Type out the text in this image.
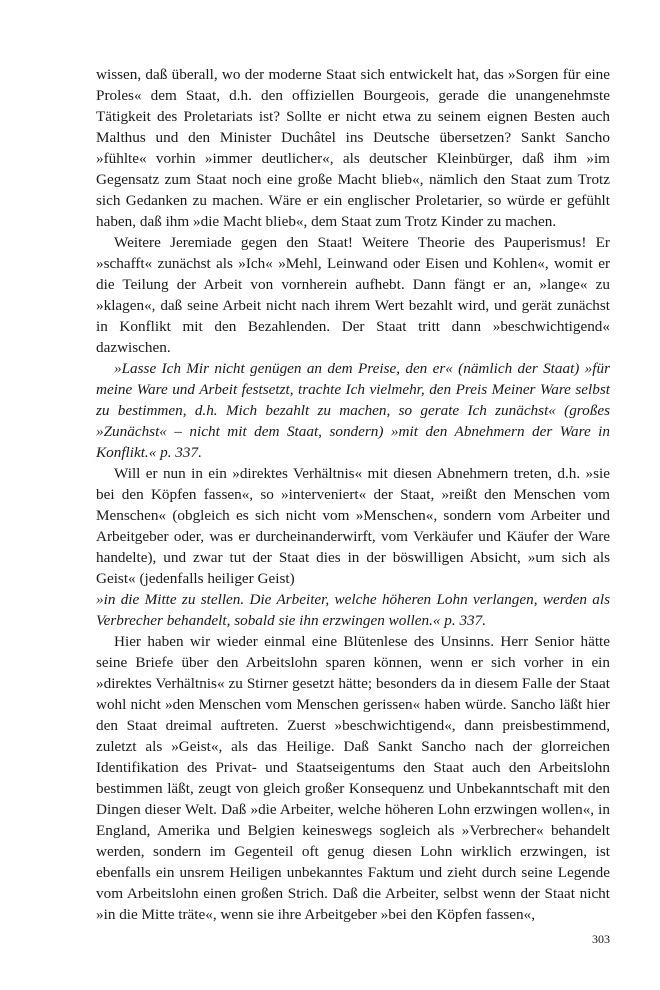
wissen, daß überall, wo der moderne Staat sich entwickelt hat, das »Sorgen für eine Proles« dem Staat, d.h. den offiziellen Bourgeois, gerade die unangenehmste Tätigkeit des Proletariats ist? Sollte er nicht etwa zu seinem eignen Besten auch Malthus und den Minister Duchâtel ins Deutsche übersetzen? Sankt Sancho »fühlte« vorhin »immer deutlicher«, als deutscher Kleinbürger, daß ihm »im Gegensatz zum Staat noch eine große Macht blieb«, nämlich den Staat zum Trotz sich Gedanken zu machen. Wäre er ein englischer Proletarier, so würde er gefühlt haben, daß ihm »die Macht blieb«, dem Staat zum Trotz Kinder zu machen.

Weitere Jeremiade gegen den Staat! Weitere Theorie des Pauperismus! Er »schafft« zunächst als »Ich« »Mehl, Leinwand oder Eisen und Kohlen«, womit er die Teilung der Arbeit von vornherein aufhebt. Dann fängt er an, »lange« zu »klagen«, daß seine Arbeit nicht nach ihrem Wert bezahlt wird, und gerät zunächst in Konflikt mit den Bezahlenden. Der Staat tritt dann »beschwichtigend« dazwischen.

»Lasse Ich Mir nicht genügen an dem Preise, den er« (nämlich der Staat) »für meine Ware und Arbeit festsetzt, trachte Ich vielmehr, den Preis Meiner Ware selbst zu bestimmen, d.h. Mich bezahlt zu machen, so gerate Ich zunächst« (großes »Zunächst« – nicht mit dem Staat, sondern) »mit den Abnehmern der Ware in Konflikt.« p. 337.

Will er nun in ein »direktes Verhältnis« mit diesen Abnehmern treten, d.h. »sie bei den Köpfen fassen«, so »interveniert« der Staat, »reißt den Menschen vom Menschen« (obgleich es sich nicht vom »Menschen«, sondern vom Arbeiter und Arbeitgeber oder, was er durcheinanderwirft, vom Verkäufer und Käufer der Ware handelte), und zwar tut der Staat dies in der böswilligen Absicht, »um sich als Geist« (jedenfalls heiliger Geist)

»in die Mitte zu stellen. Die Arbeiter, welche höheren Lohn verlangen, werden als Verbrecher behandelt, sobald sie ihn erzwingen wollen.« p. 337.

Hier haben wir wieder einmal eine Blütenlese des Unsinns. Herr Senior hätte seine Briefe über den Arbeitslohn sparen können, wenn er sich vorher in ein »direktes Verhältnis« zu Stirner gesetzt hätte; besonders da in diesem Falle der Staat wohl nicht »den Menschen vom Menschen gerissen« haben würde. Sancho läßt hier den Staat dreimal auftreten. Zuerst »beschwichtigend«, dann preisbestimmend, zuletzt als »Geist«, als das Heilige. Daß Sankt Sancho nach der glorreichen Identifikation des Privat- und Staatseigentums den Staat auch den Arbeitslohn bestimmen läßt, zeugt von gleich großer Konsequenz und Unbekanntschaft mit den Dingen dieser Welt. Daß »die Arbeiter, welche höheren Lohn erzwingen wollen«, in England, Amerika und Belgien keineswegs sogleich als »Verbrecher« behandelt werden, sondern im Gegenteil oft genug diesen Lohn wirklich erzwingen, ist ebenfalls ein unsrem Heiligen unbekanntes Faktum und zieht durch seine Legende vom Arbeitslohn einen großen Strich. Daß die Arbeiter, selbst wenn der Staat nicht »in die Mitte träte«, wenn sie ihre Arbeitgeber »bei den Köpfen fassen«,

303
